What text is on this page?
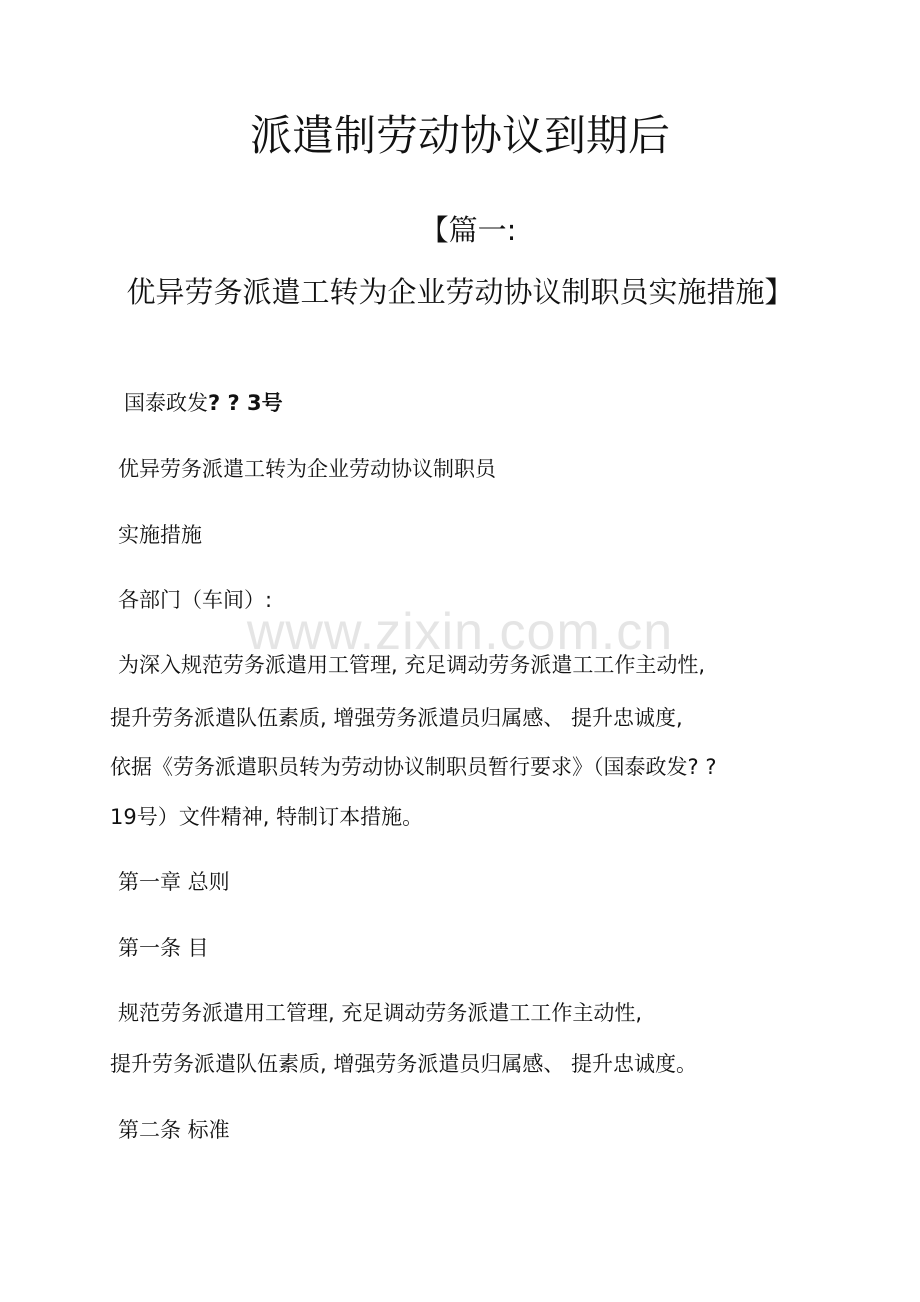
派遣制劳动协议到期后
【篇一:
优异劳务派遣工转为企业劳动协议制职员实施措施】
国泰政发? ? 3号
优异劳务派遣工转为企业劳动协议制职员
实施措施
各部门（车间）:
为深入规范劳务派遣用工管理, 充足调动劳务派遣工工作主动性,
提升劳务派遣队伍素质, 增强劳务派遣员归属感、 提升忠诚度,
依据《劳务派遣职员转为劳动协议制职员暂行要求》（国泰政发? ?
19号）文件精神, 特制订本措施。
第一章 总则
第一条 目
规范劳务派遣用工管理, 充足调动劳务派遣工工作主动性,
提升劳务派遣队伍素质, 增强劳务派遣员归属感、 提升忠诚度。
第二条 标准
www.zixin.com.cn
